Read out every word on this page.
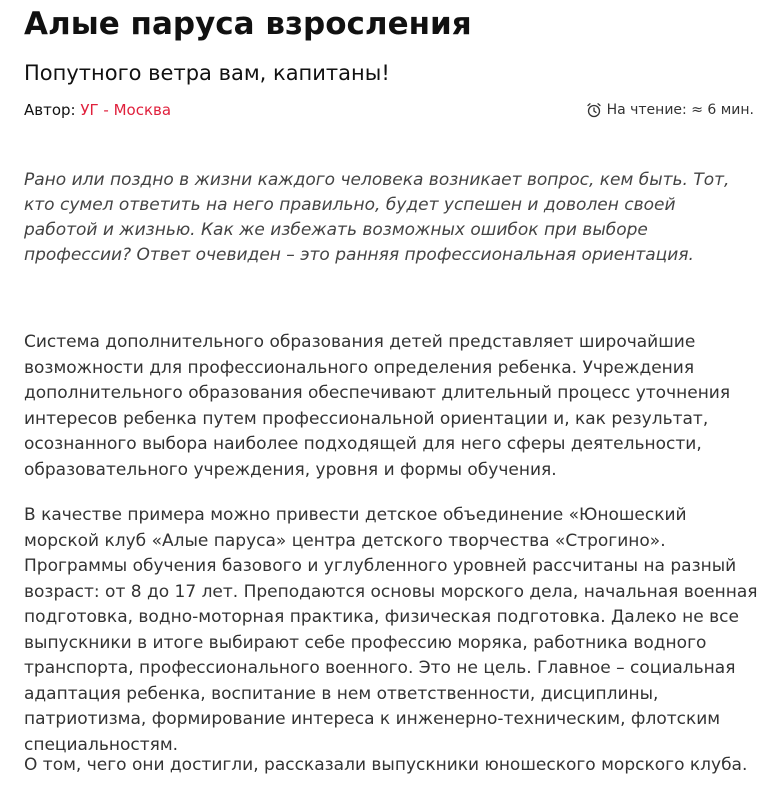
Алые паруса взросления
Попутного ветра вам, капитаны!
Автор: УГ - Москва	На чтение: ≈ 6 мин.

Рано или поздно в жизни каждого человека возникает вопрос, кем быть. Тот, кто сумел ответить на него правильно, будет успешен и доволен своей работой и жизнью. Как же избежать возможных ошибок при выборе профессии? Ответ очевиден – это ранняя профессиональная ориентация.

Система дополнительного образования детей представляет широчайшие возможности для профессионального определения ребенка. Учреждения дополнительного образования обеспечивают длительный процесс уточнения интересов ребенка путем профессиональной ориентации и, как результат, осознанного выбора наиболее подходящей для него сферы деятельности, образовательного учреждения, уровня и формы обучения.

В качестве примера можно привести детское объединение «Юношеский морской клуб «Алые паруса» центра детского творчества «Строгино». Программы обучения базового и углубленного уровней рассчитаны на разный возраст: от 8 до 17 лет. Преподаются основы морского дела, начальная военная подготовка, водно-моторная практика, физическая подготовка. Далеко не все выпускники в итоге выбирают себе профессию моряка, работника водного транспорта, профессионального военного. Это не цель. Главное – социальная адаптация ребенка, воспитание в нем ответственности, дисциплины, патриотизма, формирование интереса к инженерно-техническим, флотским специальностям.

О том, чего они достигли, рассказали выпускники юношеского морского клуба.
